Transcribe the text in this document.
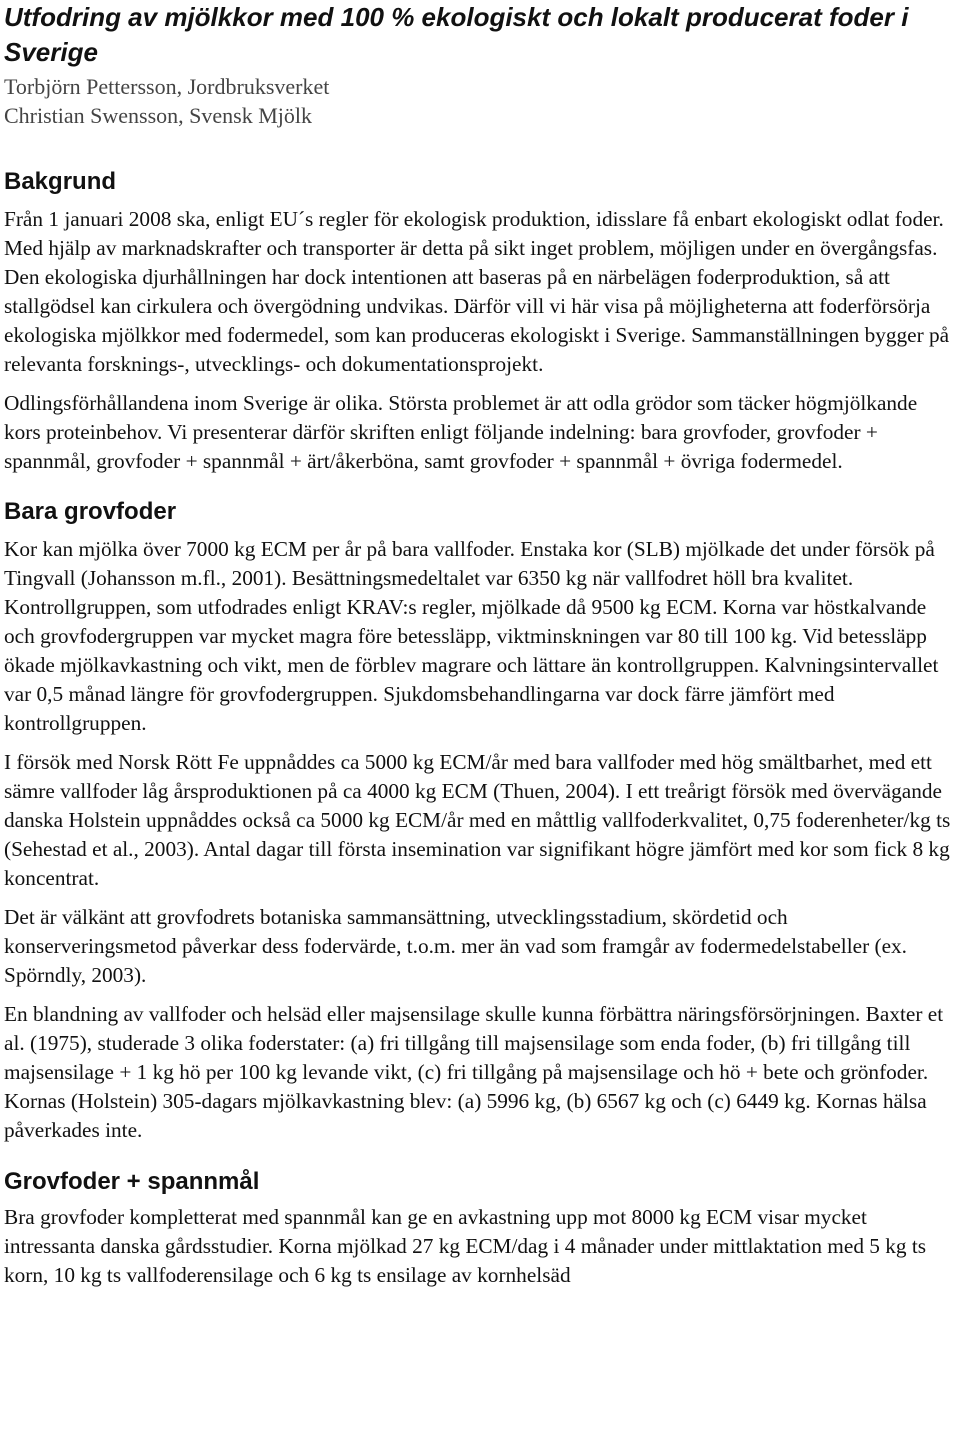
Utfodring av mjölkkor med 100 % ekologiskt och lokalt producerat foder i Sverige
Torbjörn Pettersson, Jordbruksverket
Christian Swensson, Svensk Mjölk
Bakgrund

Från 1 januari 2008 ska, enligt EU´s regler för ekologisk produktion, idisslare få enbart ekologiskt odlat foder. Med hjälp av marknadskrafter och transporter är detta på sikt inget problem, möjligen under en övergångsfas. Den ekologiska djurhållningen har dock intentionen att baseras på en närbelägen foderproduktion, så att stallgödsel kan cirkulera och övergödning undvikas. Därför vill vi här visa på möjligheterna att foderförsörja ekologiska mjölkkor med fodermedel, som kan produceras ekologiskt i Sverige. Sammanställningen bygger på relevanta forsknings-, utvecklings- och dokumentationsprojekt.

Odlingsförhållandena inom Sverige är olika. Största problemet är att odla grödor som täcker högmjölkande kors proteinbehov. Vi presenterar därför skriften enligt följande indelning: bara grovfoder, grovfoder + spannmål, grovfoder + spannmål + ärt/åkerböna, samt grovfoder + spannmål + övriga fodermedel.

Bara grovfoder

Kor kan mjölka över 7000 kg ECM per år på bara vallfoder. Enstaka kor (SLB) mjölkade det under försök på Tingvall (Johansson m.fl., 2001). Besättningsmedeltalet var 6350 kg när vallfodret höll bra kvalitet. Kontrollgruppen, som utfodrades enligt KRAV:s regler, mjölkade då 9500 kg ECM. Korna var höstkalvande och grovfodergruppen var mycket magra före betessläpp, viktminskningen var 80 till 100 kg. Vid betessläpp ökade mjölkavkastning och vikt, men de förblev magrare och lättare än kontrollgruppen. Kalvningsintervallet var 0,5 månad längre för grovfodergruppen. Sjukdomsbehandlingarna var dock färre jämfört med kontrollgruppen.

I försök med Norsk Rött Fe uppnåddes ca 5000 kg ECM/år med bara vallfoder med hög smältbarhet, med ett sämre vallfoder låg årsproduktionen på ca 4000 kg ECM (Thuen, 2004). I ett treårigt försök med övervägande danska Holstein uppnåddes också ca 5000 kg ECM/år med en måttlig vallfoderkvalitet, 0,75 foderenheter/kg ts (Sehestad et al., 2003). Antal dagar till första insemination var signifikant högre jämfört med kor som fick 8 kg koncentrat.

Det är välkänt att grovfodrets botaniska sammansättning, utvecklingsstadium, skördetid och konserveringsmetod påverkar dess fodervärde, t.o.m. mer än vad som framgår av fodermedelstabeller (ex. Spörndly, 2003).

En blandning av vallfoder och helsäd eller majsensilage skulle kunna förbättra näringsförsörjningen. Baxter et al. (1975), studerade 3 olika foderstater: (a) fri tillgång till majsensilage som enda foder, (b) fri tillgång till majsensilage + 1 kg hö per 100 kg levande vikt, (c) fri tillgång på majsensilage och hö + bete och grönfoder. Kornas (Holstein) 305-dagars mjölkavkastning blev: (a) 5996 kg, (b) 6567 kg och (c) 6449 kg. Kornas hälsa påverkades inte.

Grovfoder + spannmål

Bra grovfoder kompletterat med spannmål kan ge en avkastning upp mot 8000 kg ECM visar mycket intressanta danska gårdsstudier. Korna mjölkad 27 kg ECM/dag i 4 månader under mittlaktation med 5 kg ts korn, 10 kg ts vallfoderensilage och 6 kg ts ensilage av kornhelsäd
